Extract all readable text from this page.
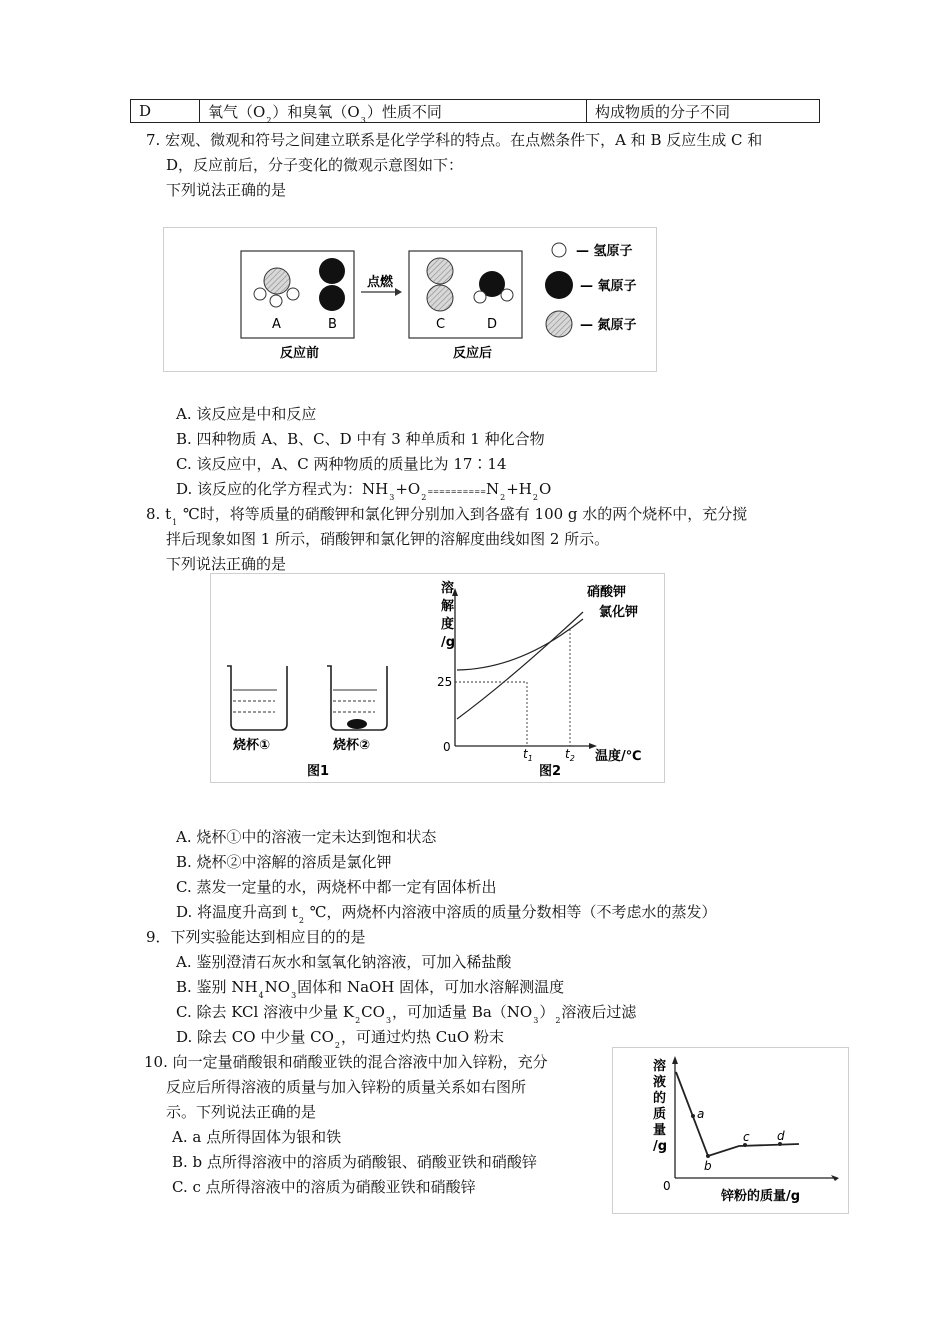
D	氧气$(O_2)$和臭氧$(O_3)$性质不同	构成物质的分子不同
7. 宏观、微观和符号之间建立联系是化学学科的特点。在点燃条件下，A 和 B 反应生成 C 和
D，反应前后，分子变化的微观示意图如下：
下列说法正确的是
A	B
点燃
C	D
反应前	反应后
— 氢原子
— 氧原子
— 氮原子
A. 该反应是中和反应
B. 四种物质 A、B、C、D 中有 3 种单质和 1 种化合物
C. 该反应中，A、C 两种物质的质量比为 17∶14
D. 该反应的化学方程式为：$NH_3+O_2==========N_2+H_2O$
8. $t_1$ ℃时，将等质量的硝酸钾和氯化钾分别加入到各盛有 100 g 水的两个烧杯中，充分搅
拌后现象如图 1 所示，硝酸钾和氯化钾的溶解度曲线如图 2 所示。
下列说法正确的是
烧杯①	烧杯②
图1	图2
溶
解
度
/g
25
0	$t_1$	$t_2$ 温度/℃
硝酸钾
氯化钾
A. 烧杯①中的溶液一定未达到饱和状态
B. 烧杯②中溶解的溶质是氯化钾
C. 蒸发一定量的水，两烧杯中都一定有固体析出
D. 将温度升高到 $t_2$ ℃，两烧杯内溶液中溶质的质量分数相等（不考虑水的蒸发）
9．下列实验能达到相应目的的是
A. 鉴别澄清石灰水和氢氧化钠溶液，可加入稀盐酸
B. 鉴别 $NH_4NO_3$固体和 NaOH 固体，可加水溶解测温度
C. 除去 KCl 溶液中少量 $K_2CO_3$，可加适量 $Ba(NO_3)_2$溶液后过滤
D. 除去 CO 中少量 $CO_2$，可通过灼热 CuO 粉末
10. 向一定量硝酸银和硝酸亚铁的混合溶液中加入锌粉，充分
反应后所得溶液的质量与加入锌粉的质量关系如右图所
示。下列说法正确的是
A. a 点所得固体为银和铁
B. b 点所得溶液中的溶质为硝酸银、硝酸亚铁和硝酸锌
C. c 点所得溶液中的溶质为硝酸亚铁和硝酸锌
溶
液
的
质
量
/g
0
锌粉的质量/g
a
b
c d
